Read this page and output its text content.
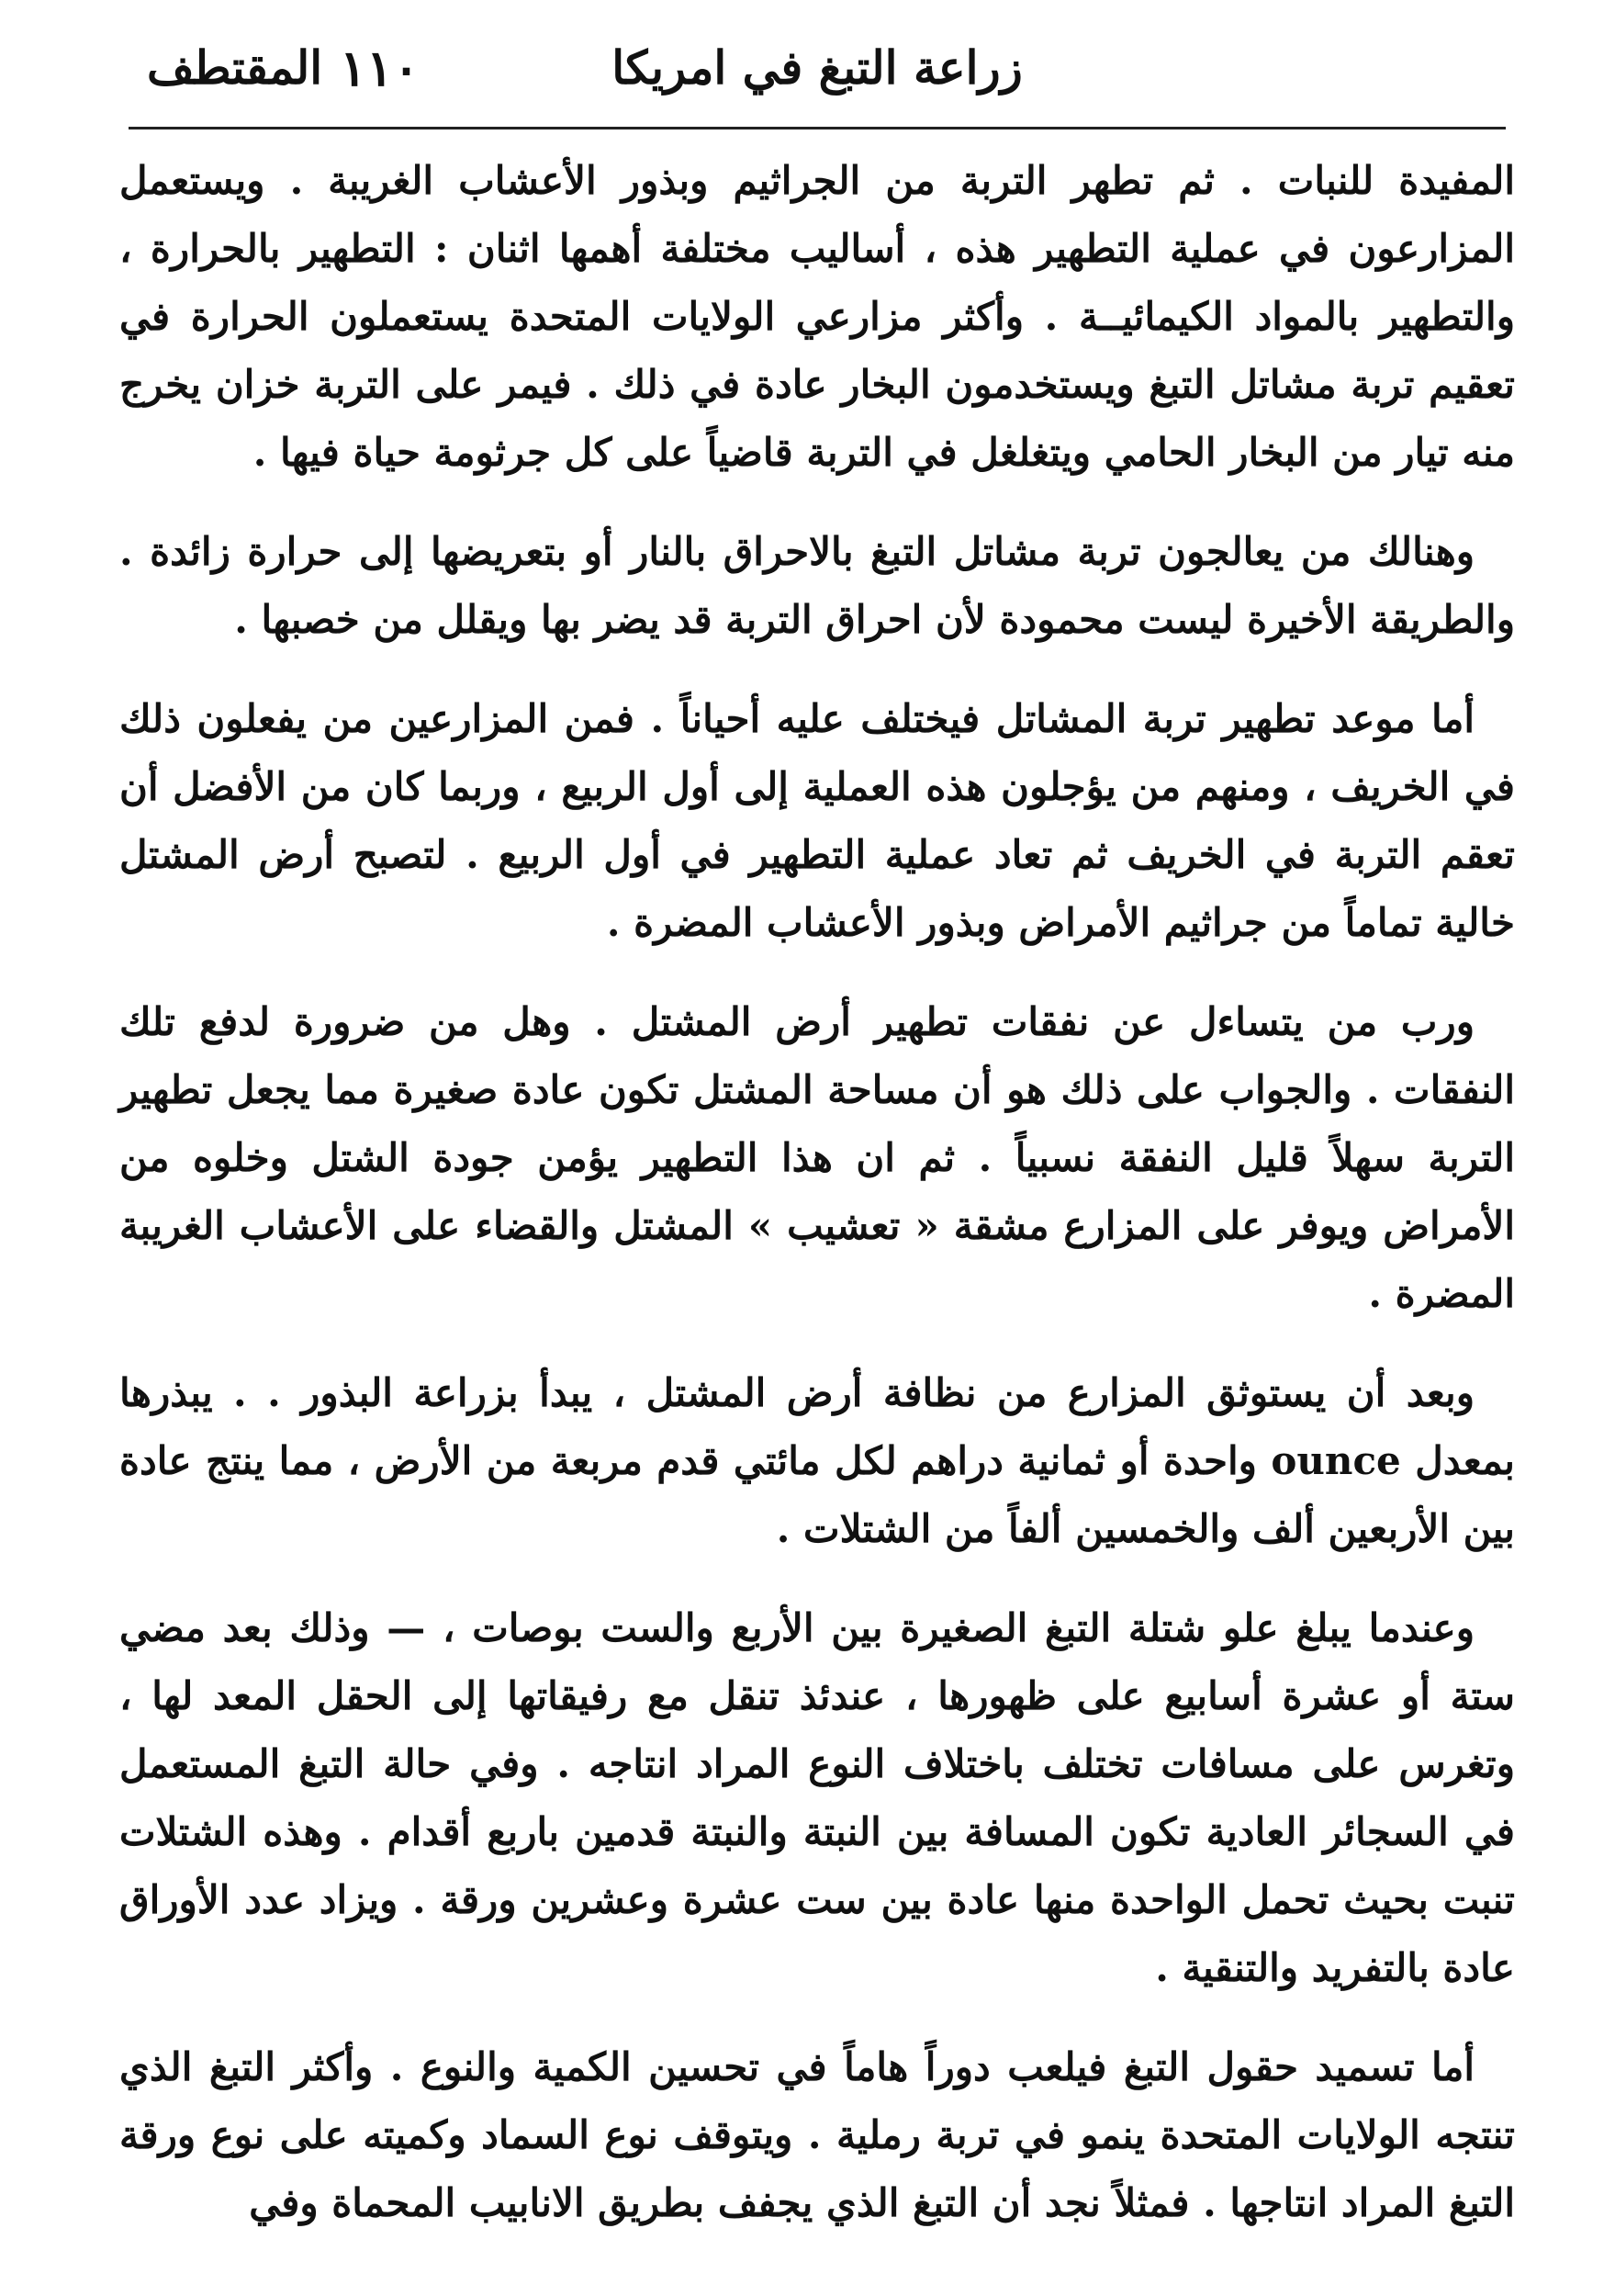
١١٠	زراعة التبغ في امريكا
المقتطف

المفيدة للنبات . ثم تطهر التربة من الجراثيم وبذور الأعشاب الغريبة . ويستعمل المزارعون في عملية التطهير هذه ، أساليب مختلفة أهمها اثنان : التطهير بالحرارة ، والتطهير بالمواد الكيمائيــة . وأكثر مزارعي الولايات المتحدة يستعملون الحرارة في تعقيم تربة مشاتل التبغ ويستخدمون البخار عادة في ذلك . فيمر على التربة خزان يخرج منه تيار من البخار الحامي ويتغلغل في التربة قاضياً على كل جرثومة حياة فيها .

وهنالك من يعالجون تربة مشاتل التبغ بالاحراق بالنار أو بتعريضها إلى حرارة زائدة . والطريقة الأخيرة ليست محمودة لأن احراق التربة قد يضر بها ويقلل من خصبها .

أما موعد تطهير تربة المشاتل فيختلف عليه أحياناً . فمن المزارعين من يفعلون ذلك في الخريف ، ومنهم من يؤجلون هذه العملية إلى أول الربيع ، وربما كان من الأفضل أن تعقم التربة في الخريف ثم تعاد عملية التطهير في أول الربيع . لتصبح أرض المشتل خالية تماماً من جراثيم الأمراض وبذور الأعشاب المضرة .

ورب من يتساءل عن نفقات تطهير أرض المشتل . وهل من ضرورة لدفع تلك النفقات . والجواب على ذلك هو أن مساحة المشتل تكون عادة صغيرة مما يجعل تطهير التربة سهلاً قليل النفقة نسبياً . ثم ان هذا التطهير يؤمن جودة الشتل وخلوه من الأمراض ويوفر على المزارع مشقة « تعشيب » المشتل والقضاء على الأعشاب الغريبة المضرة .

وبعد أن يستوثق المزارع من نظافة أرض المشتل ، يبدأ بزراعة البذور . . يبذرها بمعدل ounce واحدة أو ثمانية دراهم لكل مائتي قدم مربعة من الأرض ، مما ينتج عادة بين الأربعين ألف والخمسين ألفاً من الشتلات .

وعندما يبلغ علو شتلة التبغ الصغيرة بين الأربع والست بوصات ، — وذلك بعد مضي ستة أو عشرة أسابيع على ظهورها ، عندئذ تنقل مع رفيقاتها إلى الحقل المعد لها ، وتغرس على مسافات تختلف باختلاف النوع المراد انتاجه . وفي حالة التبغ المستعمل في السجائر العادية تكون المسافة بين النبتة والنبتة قدمين باربع أقدام . وهذه الشتلات تنبت بحيث تحمل الواحدة منها عادة بين ست عشرة وعشرين ورقة . ويزاد عدد الأوراق عادة بالتفريد والتنقية .

أما تسميد حقول التبغ فيلعب دوراً هاماً في تحسين الكمية والنوع . وأكثر التبغ الذي تنتجه الولايات المتحدة ينمو في تربة رملية . ويتوقف نوع السماد وكميته على نوع ورقة التبغ المراد انتاجها . فمثلاً نجد أن التبغ الذي يجفف بطريق الانابيب المحماة وفي
